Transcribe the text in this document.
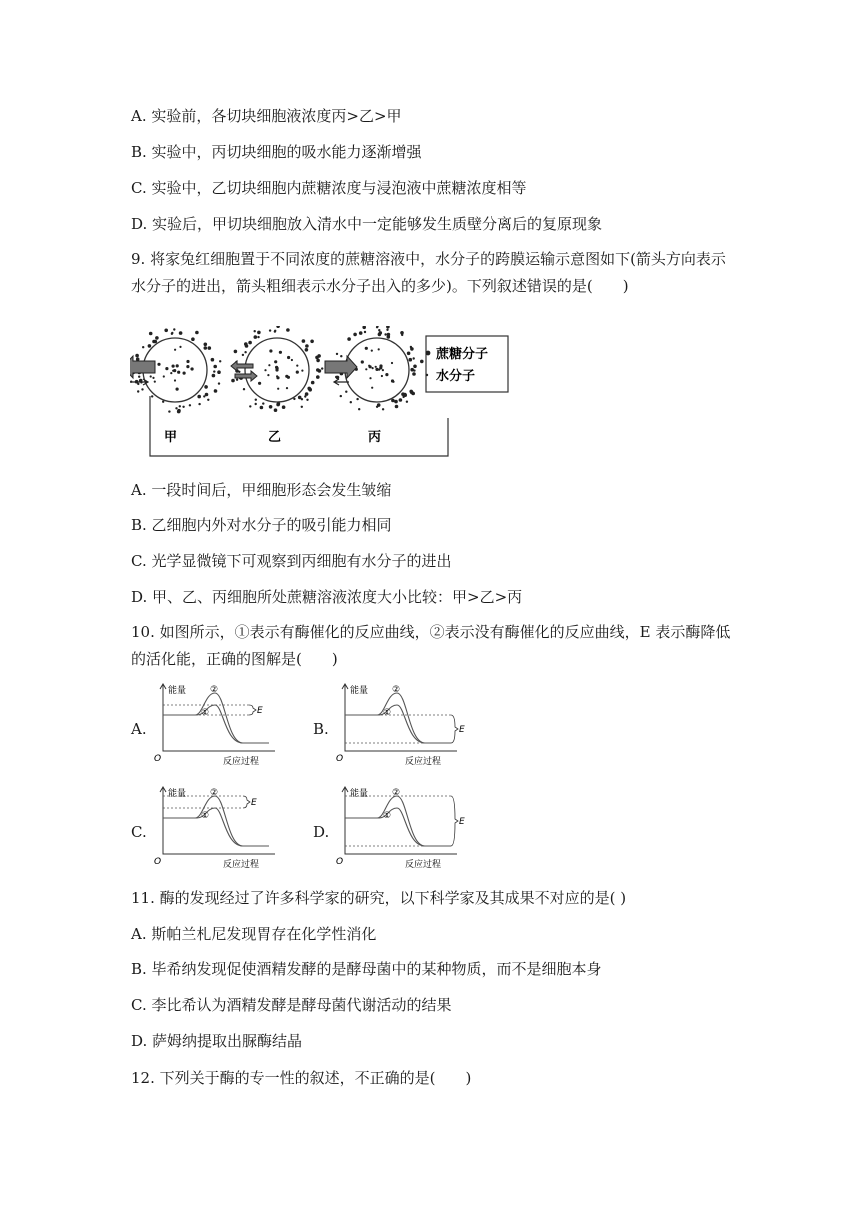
A. 实验前，各切块细胞液浓度丙>乙>甲
B. 实验中，丙切块细胞的吸水能力逐渐增强
C. 实验中，乙切块细胞内蔗糖浓度与浸泡液中蔗糖浓度相等
D. 实验后，甲切块细胞放入清水中一定能够发生质壁分离后的复原现象
9. 将家兔红细胞置于不同浓度的蔗糖溶液中，水分子的跨膜运输示意图如下(箭头方向表示水分子的进出，箭头粗细表示水分子出入的多少)。下列叙述错误的是(　　)
甲	乙	丙
蔗糖分子
水分子
A. 一段时间后，甲细胞形态会发生皱缩
B. 乙细胞内外对水分子的吸引能力相同
C. 光学显微镜下可观察到丙细胞有水分子的进出
D. 甲、乙、丙细胞所处蔗糖溶液浓度大小比较：甲>乙>丙
10. 如图所示，①表示有酶催化的反应曲线，②表示没有酶催化的反应曲线，E 表示酶降低的活化能，正确的图解是(　　)
A.
能量
反应过程
O
②
①	E
B.
能量
反应过程
O
②
①
E
C.
能量
反应过程
O
②
①
E
D.
能量
反应过程
O
②
①
E
11. 酶的发现经过了许多科学家的研究，以下科学家及其成果不对应的是( )
A. 斯帕兰札尼发现胃存在化学性消化
B. 毕希纳发现促使酒精发酵的是酵母菌中的某种物质，而不是细胞本身
C. 李比希认为酒精发酵是酵母菌代谢活动的结果
D. 萨姆纳提取出脲酶结晶
12. 下列关于酶的专一性的叙述，不正确的是(　　)
